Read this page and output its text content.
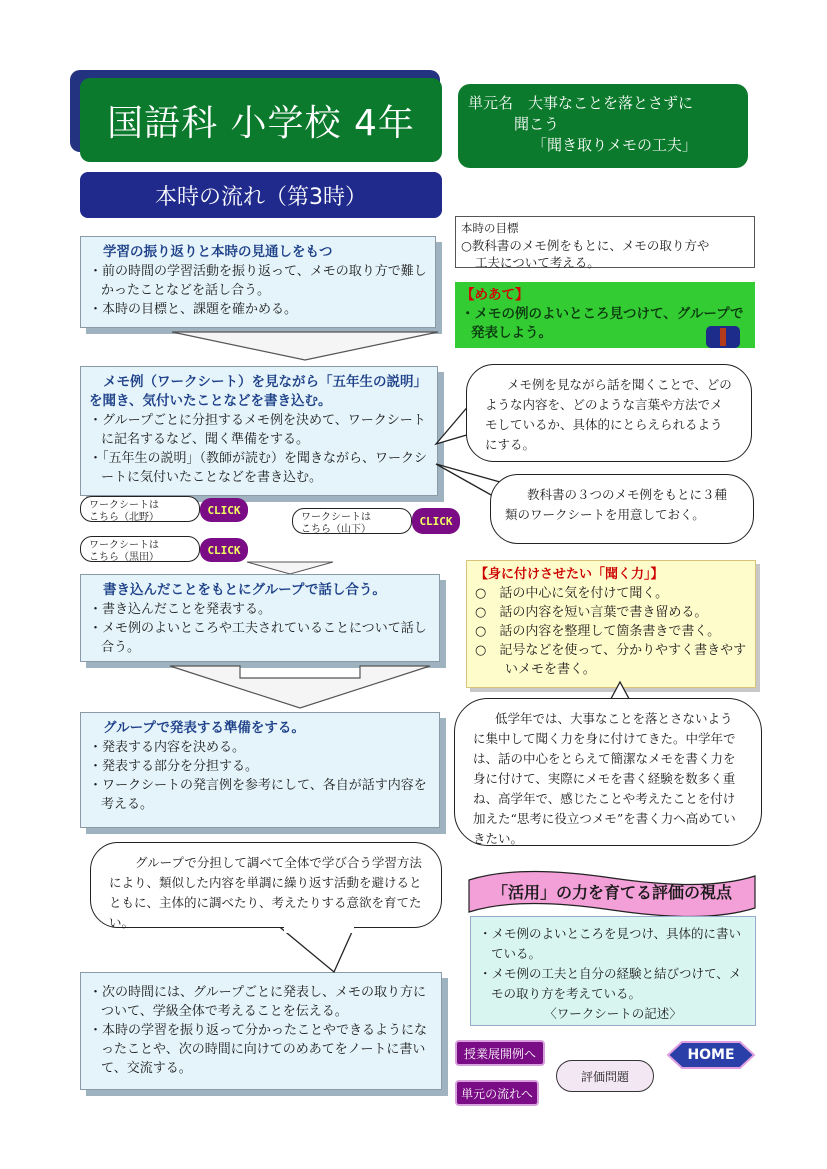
国語科 小学校 4年	単元名　大事なことを落とさずに
聞こう
「聞き取りメモの工夫」
本時の流れ（第3時）
本時の目標
○教科書のメモ例をもとに、メモの取り方や
工夫について考える。
【めあて】
・メモの例のよいところ見つけて、グループで発表しよう。
学習の振り返りと本時の見通しをもつ
・前の時間の学習活動を振り返って、メモの取り方で難しかったことなどを話し合う。
・本時の目標と、課題を確かめる。
メモ例（ワークシート）を見ながら「五年生の説明」を聞き、気付いたことなどを書き込む。
・グループごとに分担するメモ例を決めて、ワークシートに記名するなど、聞く準備をする。
・「五年生の説明」（教師が読む）を聞きながら、ワークシートに気付いたことなどを書き込む。
ワークシートは
こちら（北野）
CLICK
ワークシートは
こちら（山下）
CLICK
ワークシートは
こちら（黒田）
CLICK
書き込んだことをもとにグループで話し合う。
・書き込んだことを発表する。
・メモ例のよいところや工夫されていることについて話し合う。
グループで発表する準備をする。
・発表する内容を決める。
・発表する部分を分担する。
・ワークシートの発言例を参考にして、各自が話す内容を考える。
・次の時間には、グループごとに発表し、メモの取り方について、学級全体で考えることを伝える。
・本時の学習を振り返って分かったことやできるようになったことや、次の時間に向けてのめあてをノートに書いて、交流する。
グループで分担して調べて全体で学び合う学習方法により、類似した内容を単調に繰り返す活動を避けるとともに、主体的に調べたり、考えたりする意欲を育てたい。
メモ例を見ながら話を聞くことで、どのような内容を、どのような言葉や方法でメモしているか、具体的にとらえられるようにする。
教科書の３つのメモ例をもとに３種類のワークシートを用意しておく。
【身に付けさせたい「聞く力」】
○　話の中心に気を付けて聞く。
○　話の内容を短い言葉で書き留める。
○　話の内容を整理して箇条書きで書く。
○　記号などを使って、分かりやすく書きやすいメモを書く。
低学年では、大事なことを落とさないように集中して聞く力を身に付けてきた。中学年では、話の中心をとらえて簡潔なメモを書く力を身に付けて、実際にメモを書く経験を数多く重ね、高学年で、感じたことや考えたことを付け加えた“思考に役立つメモ”を書く力へ高めていきたい。
「活用」の力を育てる評価の視点
・メモ例のよいところを見つけ、具体的に書いている。
・メモ例の工夫と自分の経験と結びつけて、メモの取り方を考えている。
〈ワークシートの記述〉
授業展開例へ
単元の流れへ
評価問題
HOME
